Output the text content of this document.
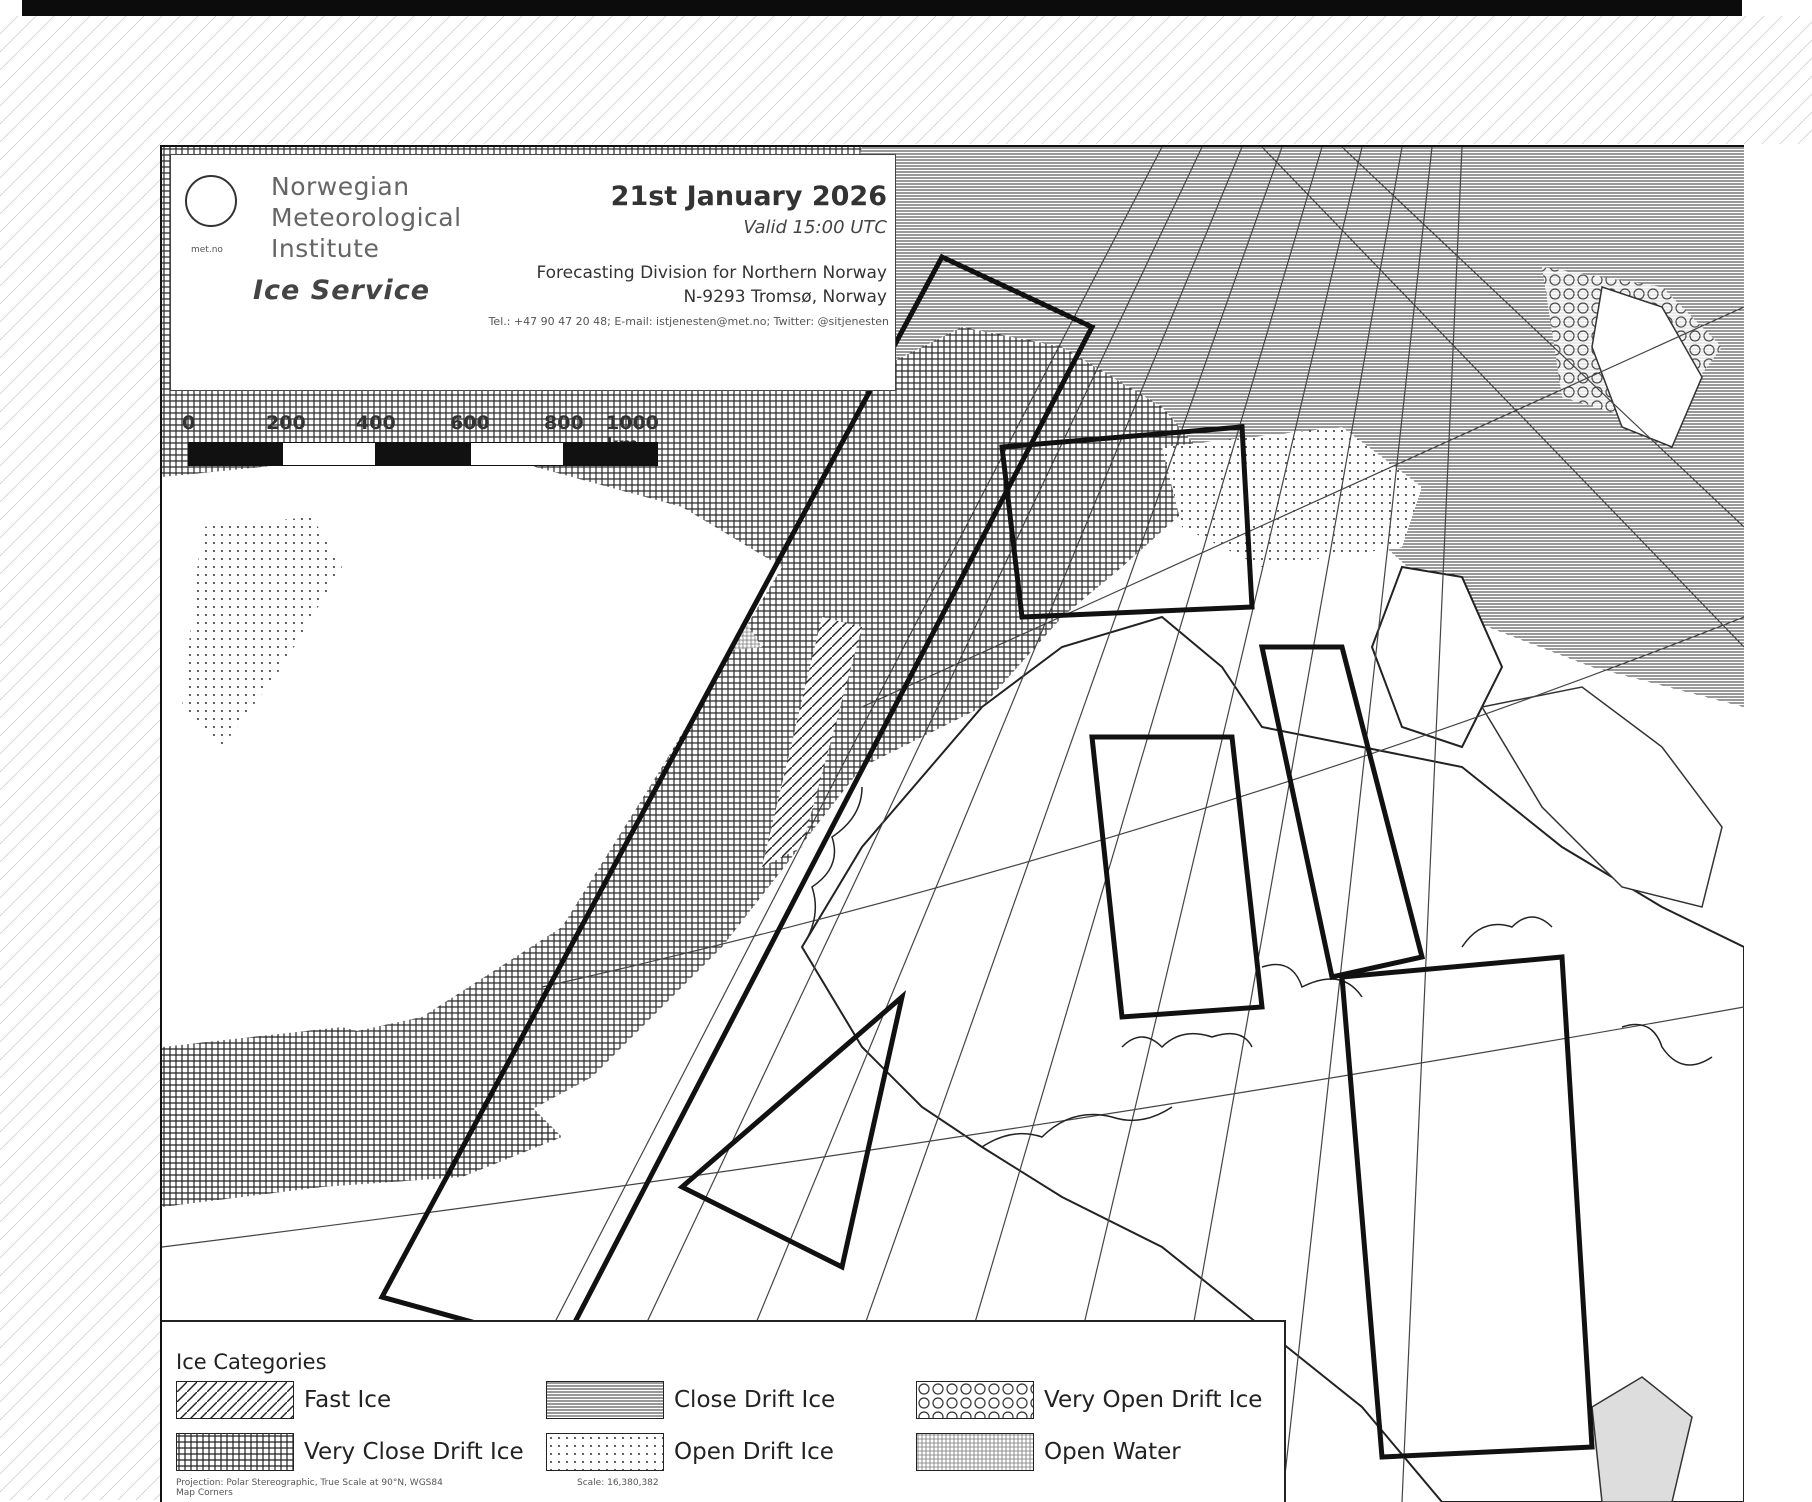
met.no
Norwegian
Meteorological
Institute
Ice Service
21st January 2026
Valid 15:00 UTC
Forecasting Division for Northern Norway
N-9293 Tromsø, Norway
Tel.: +47 90 47 20 48; E-mail: istjenesten@met.no; Twitter: @sitjenesten
0	200	400	600	800 1000
Ice Categories
Fast Ice	Close Drift Ice	Very Open Drift Ice
Very Close Drift Ice	Open Drift Ice	Open Water
Projection: Polar Stereographic, True Scale at 90°N, WGS84
Map Corners
Scale: 16,380,382
